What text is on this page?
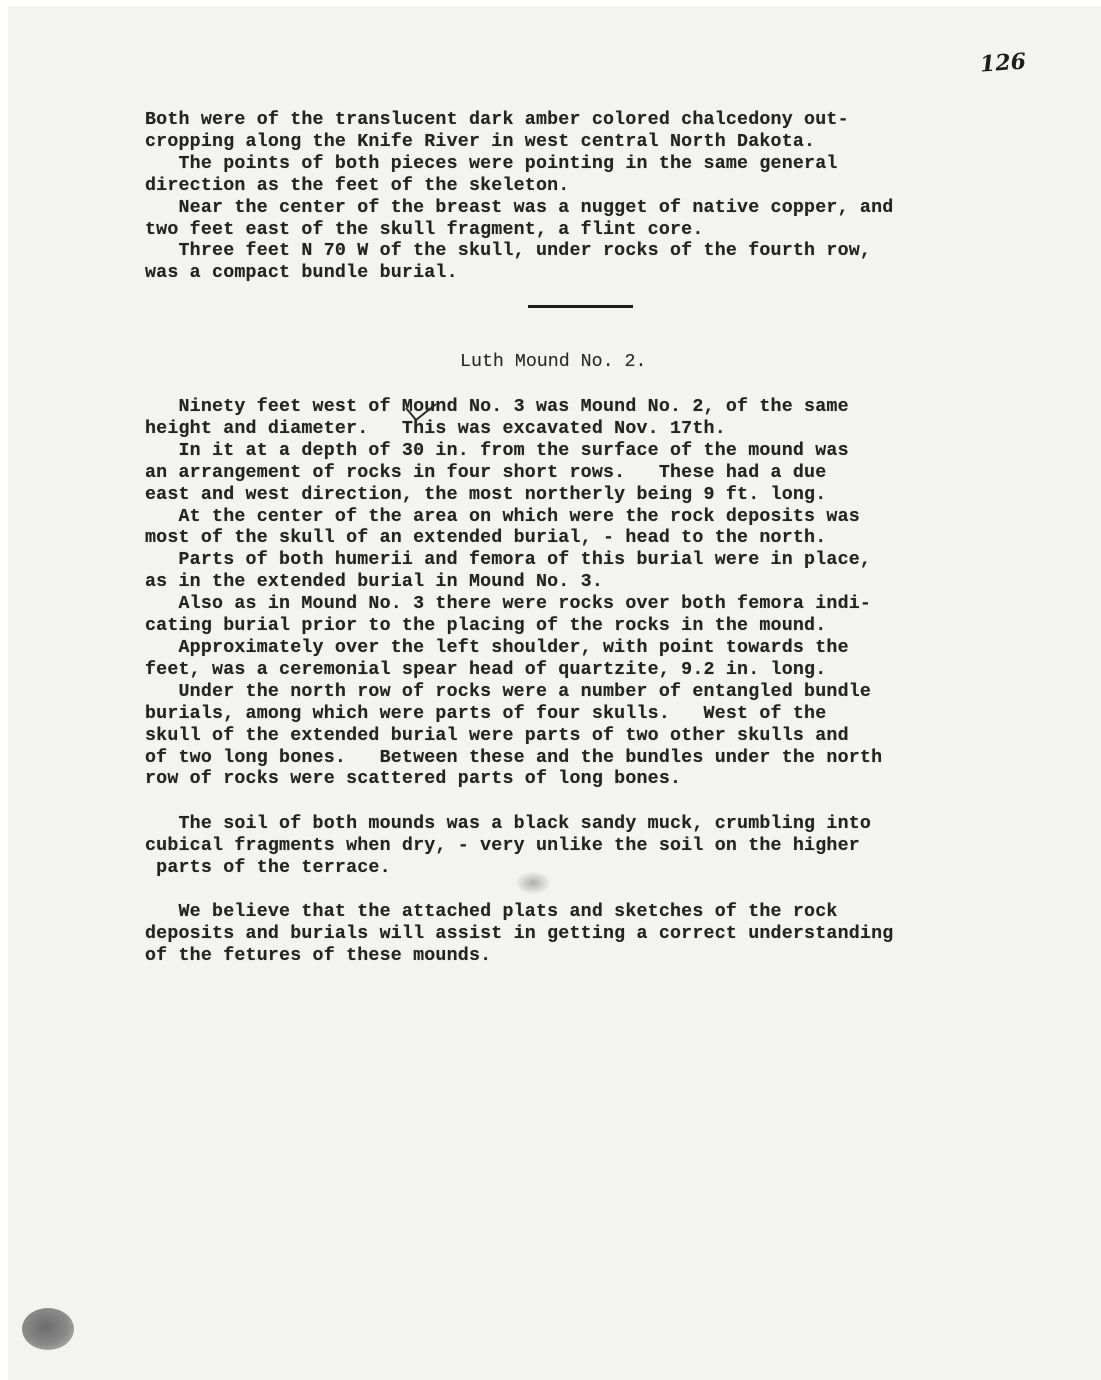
126
Both were of the translucent dark amber colored chalcedony out-
cropping along the Knife River in west central North Dakota.
The points of both pieces were pointing in the same general
direction as the feet of the skeleton.
Near the center of the breast was a nugget of native copper, and
two feet east of the skull fragment, a flint core.
Three feet N 70 W of the skull, under rocks of the fourth row,
was a compact bundle burial.
Luth Mound No. 2.
Ninety feet west of Mound No. 3 was Mound No. 2, of the same
height and diameter.   This was excavated Nov. 17th.
In it at a depth of 30 in. from the surface of the mound was
an arrangement of rocks in four short rows.   These had a due
east and west direction, the most northerly being 9 ft. long.
At the center of the area on which were the rock deposits was
most of the skull of an extended burial, - head to the north.
Parts of both humerii and femora of this burial were in place,
as in the extended burial in Mound No. 3.
Also as in Mound No. 3 there were rocks over both femora indi-
cating burial prior to the placing of the rocks in the mound.
Approximately over the left shoulder, with point towards the
feet, was a ceremonial spear head of quartzite, 9.2 in. long.
Under the north row of rocks were a number of entangled bundle
burials, among which were parts of four skulls.   West of the
skull of the extended burial were parts of two other skulls and
of two long bones.   Between these and the bundles under the north
row of rocks were scattered parts of long bones.
The soil of both mounds was a black sandy muck, crumbling into
cubical fragments when dry, - very unlike the soil on the higher
parts of the terrace.
We believe that the attached plats and sketches of the rock
deposits and burials will assist in getting a correct understanding
of the fetures of these mounds.
